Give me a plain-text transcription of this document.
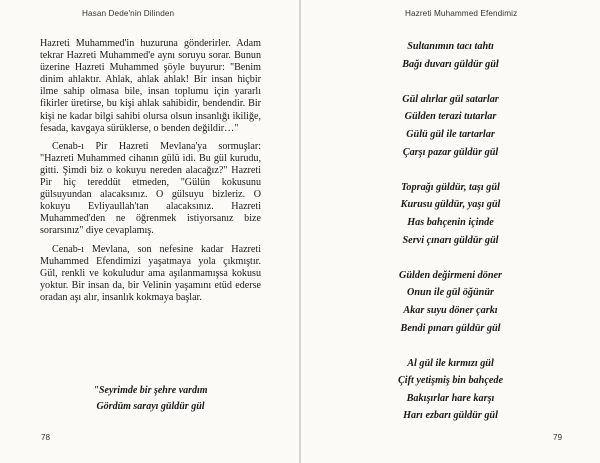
Hasan Dede'nin Dilinden

Hazreti Muhammed'in huzuruna gönderirler. Adam tekrar Hazreti Muhammed'e aynı soruyu sorar. Bunun üzerine Hazreti Muhammed şöyle buyurur: "Benim dinim ahlaktır. Ahlak, ahlak ahlak! Bir insan hiçbir ilme sahip olmasa bile, insan toplumu için yararlı fikirler üretirse, bu kişi ahlak sahibidir, bendendir. Bir kişi ne kadar bilgi sahibi olursa olsun insanlığı ikiliğe, fesada, kavgaya sürüklerse, o benden değildir…"

Cenab-ı Pir Hazreti Mevlana'ya sormuşlar: "Hazreti Muhammed cihanın gülü idi. Bu gül kurudu, gitti. Şimdi biz o kokuyu nereden alacağız?" Hazreti Pir hiç tereddüt etmeden, "Gülün kokusunu gülsuyundan alacaksınız. O gülsuyu bizleriz. O kokuyu Evliyaullah'tan alacaksınız. Hazreti Muhammed'den ne öğrenmek istiyorsanız bize sorarsınız" diye cevaplamış.

Cenab-ı Mevlana, son nefesine kadar Hazreti Muhammed Efendimizi yaşatmaya yola çıkmıştır. Gül, renkli ve kokuludur ama aşılanmamışsa kokusu yoktur. Bir insan da, bir Velinin yaşamını etüd ederse oradan aşı alır, insanlık kokmaya başlar.

"Seyrimde bir şehre vardım
Gördüm sarayı güldür gül
78
Hazreti Muhammed Efendimiz
Sultanımın tacı tahtı
Bağı duvarı güldür gül
Gül alırlar gül satarlar
Gülden terazi tutarlar
Gülü gül ile tartarlar
Çarşı pazar güldür gül
Toprağı güldür, taşı gül
Kurusu güldür, yaşı gül
Has bahçenin içinde
Servi çınarı güldür gül
Gülden değirmeni döner
Onun ile gül öğünür
Akar suyu döner çarkı
Bendi pınarı güldür gül
Al gül ile kırmızı gül
Çift yetişmiş bin bahçede
Bakışırlar hare karşı
Harı ezbarı güldür gül
79
